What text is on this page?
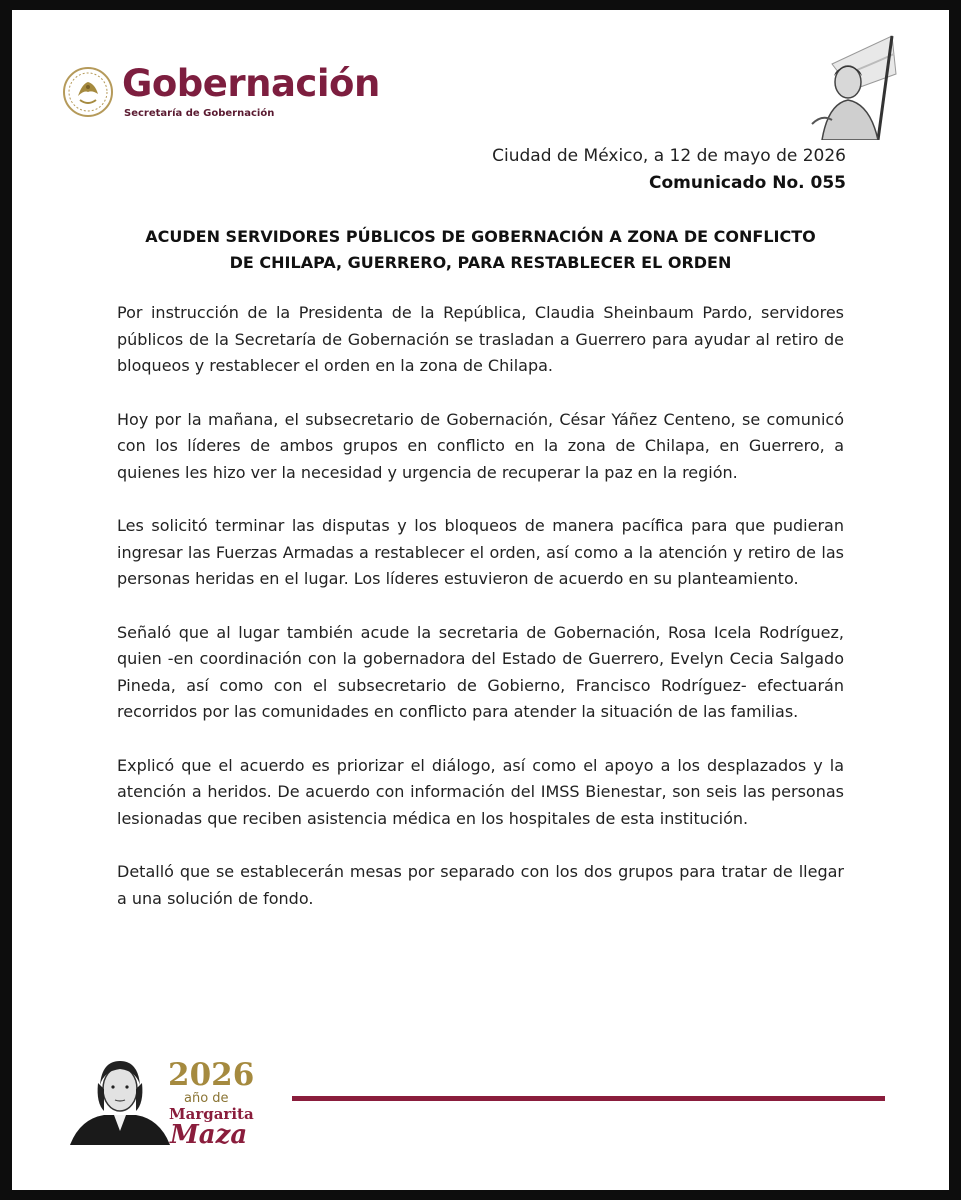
Gobernación
Secretaría de Gobernación
Ciudad de México, a 12 de mayo de 2026
Comunicado No. 055
ACUDEN SERVIDORES PÚBLICOS DE GOBERNACIÓN A ZONA DE CONFLICTO
DE CHILAPA, GUERRERO, PARA RESTABLECER EL ORDEN

Por instrucción de la Presidenta de la República, Claudia Sheinbaum Pardo, servidores públicos de la Secretaría de Gobernación se trasladan a Guerrero para ayudar al retiro de bloqueos y restablecer el orden en la zona de Chilapa.

Hoy por la mañana, el subsecretario de Gobernación, César Yáñez Centeno, se comunicó con los líderes de ambos grupos en conflicto en la zona de Chilapa, en Guerrero, a quienes les hizo ver la necesidad y urgencia de recuperar la paz en la región.

Les solicitó terminar las disputas y los bloqueos de manera pacífica para que pudieran ingresar las Fuerzas Armadas a restablecer el orden, así como a la atención y retiro de las personas heridas en el lugar. Los líderes estuvieron de acuerdo en su planteamiento.

Señaló que al lugar también acude la secretaria de Gobernación, Rosa Icela Rodríguez, quien -en coordinación con la gobernadora del Estado de Guerrero, Evelyn Cecia Salgado Pineda, así como con el subsecretario de Gobierno, Francisco Rodríguez- efectuarán recorridos por las comunidades en conflicto para atender la situación de las familias.

Explicó que el acuerdo es priorizar el diálogo, así como el apoyo a los desplazados y la atención a heridos. De acuerdo con información del IMSS Bienestar, son seis las personas lesionadas que reciben asistencia médica en los hospitales de esta institución.

Detalló que se establecerán mesas por separado con los dos grupos para tratar de llegar a una solución de fondo.

2026
año de
Margarita
Maza
